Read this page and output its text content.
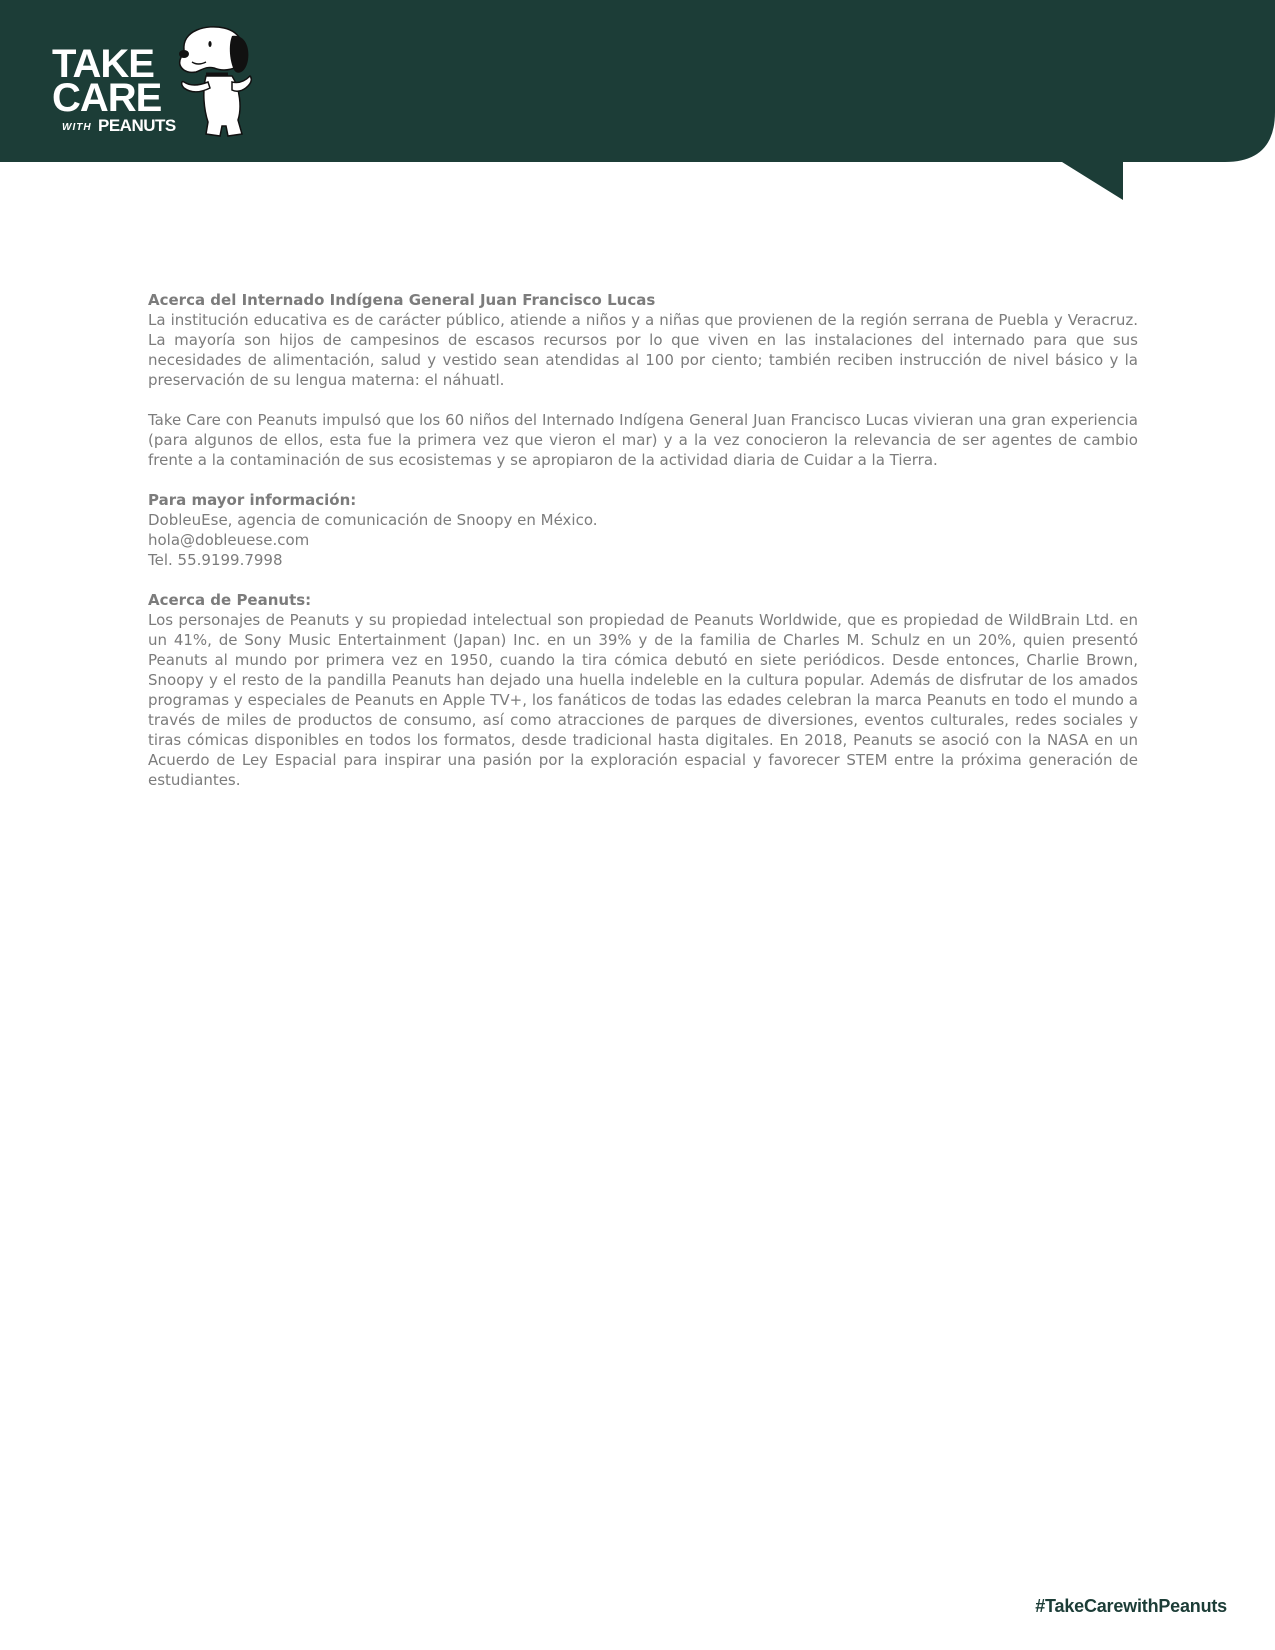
TAKE
CARE
WITH PEANUTS

Acerca del Internado Indígena General Juan Francisco Lucas

La institución educativa es de carácter público, atiende a niños y a niñas que provienen de la región serrana de Puebla y Veracruz. La mayoría son hijos de campesinos de escasos recursos por lo que viven en las instalaciones del internado para que sus necesidades de alimentación, salud y vestido sean atendidas al 100 por ciento; también reciben instrucción de nivel básico y la preservación de su lengua materna: el náhuatl.

Take Care con Peanuts impulsó que los 60 niños del Internado Indígena General Juan Francisco Lucas vivieran una gran experiencia (para algunos de ellos, esta fue la primera vez que vieron el mar) y a la vez conocieron la relevancia de ser agentes de cambio frente a la contaminación de sus ecosistemas y se apropiaron de la actividad diaria de Cuidar a la Tierra.

Para mayor información:

DobleuEse, agencia de comunicación de Snoopy en México.

hola@dobleuese.com

Tel. 55.9199.7998

Acerca de Peanuts:

Los personajes de Peanuts y su propiedad intelectual son propiedad de Peanuts Worldwide, que es propiedad de WildBrain Ltd. en un 41%, de Sony Music Entertainment (Japan) Inc. en un 39% y de la familia de Charles M. Schulz en un 20%, quien presentó Peanuts al mundo por primera vez en 1950, cuando la tira cómica debutó en siete periódicos. Desde entonces, Charlie Brown, Snoopy y el resto de la pandilla Peanuts han dejado una huella indeleble en la cultura popular. Además de disfrutar de los amados programas y especiales de Peanuts en Apple TV+, los fanáticos de todas las edades celebran la marca Peanuts en todo el mundo a través de miles de productos de consumo, así como atracciones de parques de diversiones, eventos culturales, redes sociales y tiras cómicas disponibles en todos los formatos, desde tradicional hasta digitales. En 2018, Peanuts se asoció con la NASA en un Acuerdo de Ley Espacial para inspirar una pasión por la exploración espacial y favorecer STEM entre la próxima generación de estudiantes.

#TakeCarewithPeanuts
